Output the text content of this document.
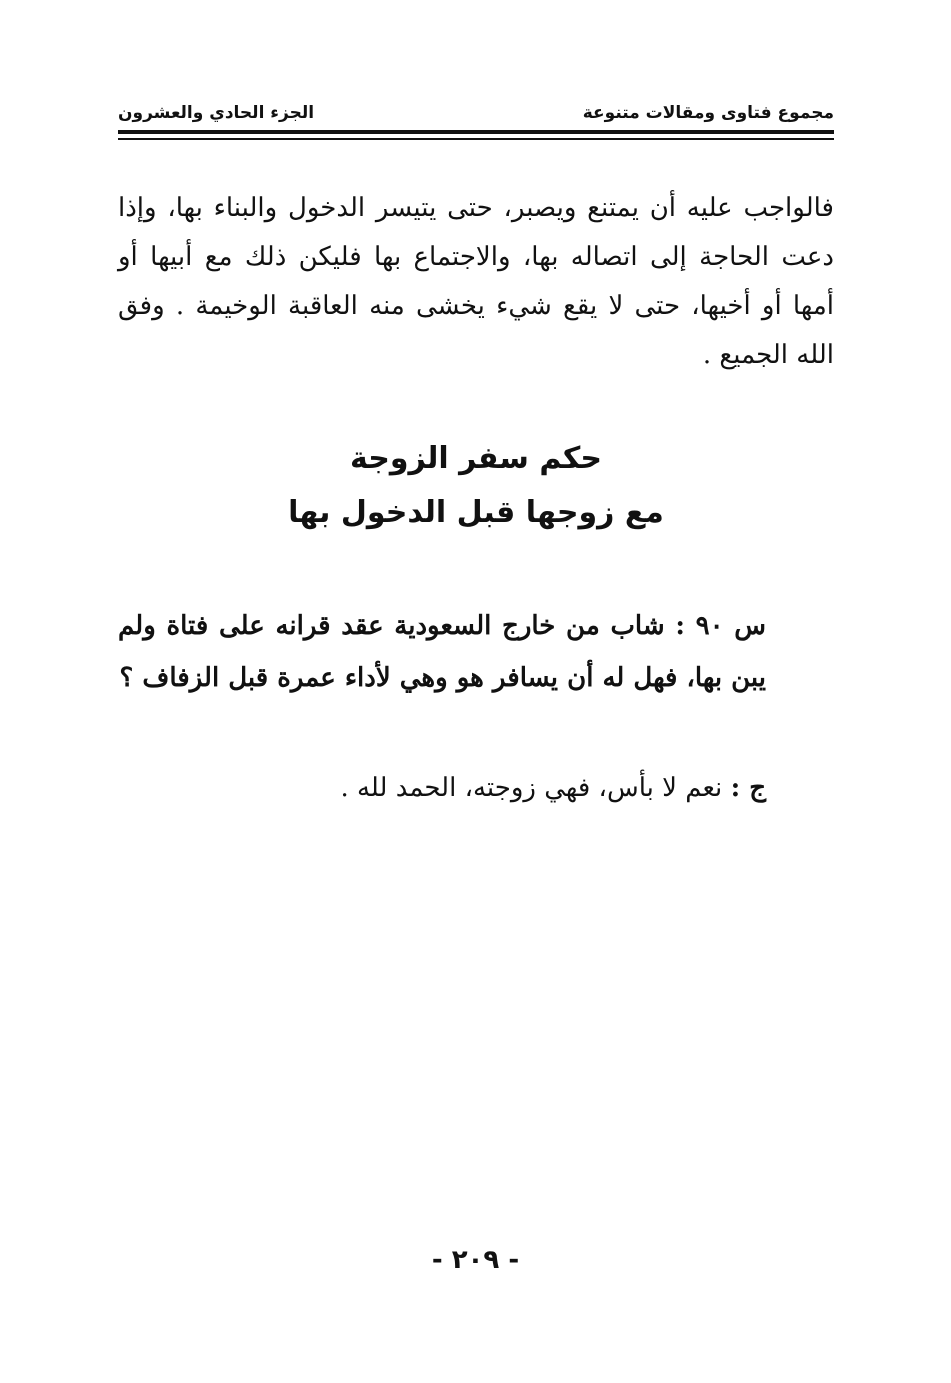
مجموع فتاوى ومقالات متنوعة
الجزء الحادي والعشرون

فالواجب عليه أن يمتنع ويصبر، حتى يتيسر الدخول والبناء بها، وإذا دعت الحاجة إلى اتصاله بها، والاجتماع بها فليكن ذلك مع أبيها أو أمها أو أخيها، حتى لا يقع شيء يخشى منه العاقبة الوخيمة . وفق الله الجميع .

حكم سفر الزوجة
مع زوجها قبل الدخول بها

س ٩٠ : شاب من خارج السعودية عقد قرانه على فتاة ولم يبن بها، فهل له أن يسافر هو وهي لأداء عمرة قبل الزفاف ؟

ج : نعم لا بأس، فهي زوجته، الحمد لله .

- ٢٠٩ -
